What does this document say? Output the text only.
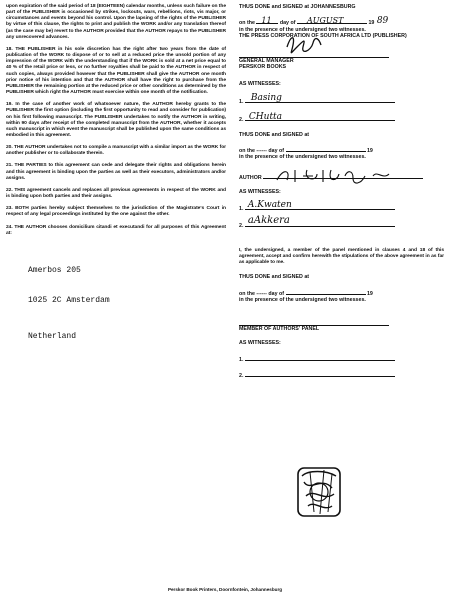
upon expiration of the said period of 18 (EIGHTEEN) calendar months, unless such failure on the part of the PUBLISHER is occasioned by strikes, lockouts, wars, rebellions, riots, vis major, or circumstances and events beyond his control. Upon the lapsing of the rights of the PUBLISHER by virtue of this clause, the rights to print and publish the WORK and/or any translation thereof (as the case may be) revert to the AUTHOR provided that the AUTHOR repays to the PUBLISHER any unrecovered advances.

18. THE PUBLISHER in his sole discretion has the right after two years from the date of publication of the WORK to dispose of or to sell at a reduced price the unsold portion of any impression of the WORK with the understanding that if the WORK is sold at a net price equal to 40 % of the retail price or less, or no further royalties shall be paid to the AUTHOR in respect of such copies, always provided however that the PUBLISHER shall give the AUTHOR one month prior notice of his intention and that the AUTHOR shall have the right to purchase from the PUBLISHER the remaining portion at the reduced price or other conditions as determined by the PUBLISHER which right the AUTHOR must exercise within one month of the notification.

19. In the case of another work of whatsoever nature, the AUTHOR hereby grants to the PUBLISHER the first option (including the first opportunity to read and consider for publication) on his first following manuscript. The PUBLISHER undertakes to notify the AUTHOR in writing, within 90 days after receipt of the completed manuscript from the AUTHOR, whether it accepts such manuscript in which event the manuscript shall be published upon the same conditions as embodied in this agreement.

20. THE AUTHOR undertakes not to compile a manuscript with a similar import as the WORK for another publisher or to collaborate therein.

21. THE PARTIES to this agreement can cede and delegate their rights and obligations herein and this agreement is binding upon the parties as well as their executors, administrators and/or assigns.

22. THIS agreement cancels and replaces all previous agreements in respect of the WORK and is binding upon both parties and their assigns.

23. BOTH parties hereby subject themselves to the jurisdiction of the Magistrate's Court in respect of any legal proceedings instituted by the one against the other.

24. THE AUTHOR chooses domicilium citandi et executandi for all purposes of this Agreement at:

Amerbos 205

1025 2C Amsterdam

Netherland

THUS DONE and SIGNED at JOHANNESBURG
on the 11 day of AUGUST	19 89
in the presence of the undersigned two witnesses.
THE PRESS CORPORATION OF SOUTH AFRICA LTD (PUBLISHER)
GENERAL MANAGER
PERSKOR BOOKS
AS WITNESSES:
1. Basing
2. CHutta
THUS DONE and SIGNED at
on the ------ day of	19
in the presence of the undersigned two witnesses.
AUTHOR
AS WITNESSES:
1. A.Kwaten
2. aAkkera

I, the undersigned, a member of the panel mentioned in clauses 4 and 18 of this agreement, accept and confirm herewith the stipulations of the above agreement in as far as applicable to me.

THUS DONE and SIGNED at
on the ------ day of	19
in the presence of the undersigned two witnesses.
MEMBER OF AUTHORS' PANEL
AS WITNESSES:
1.
2.
Perskor Book Printers, Doornfontein, Johannesburg
